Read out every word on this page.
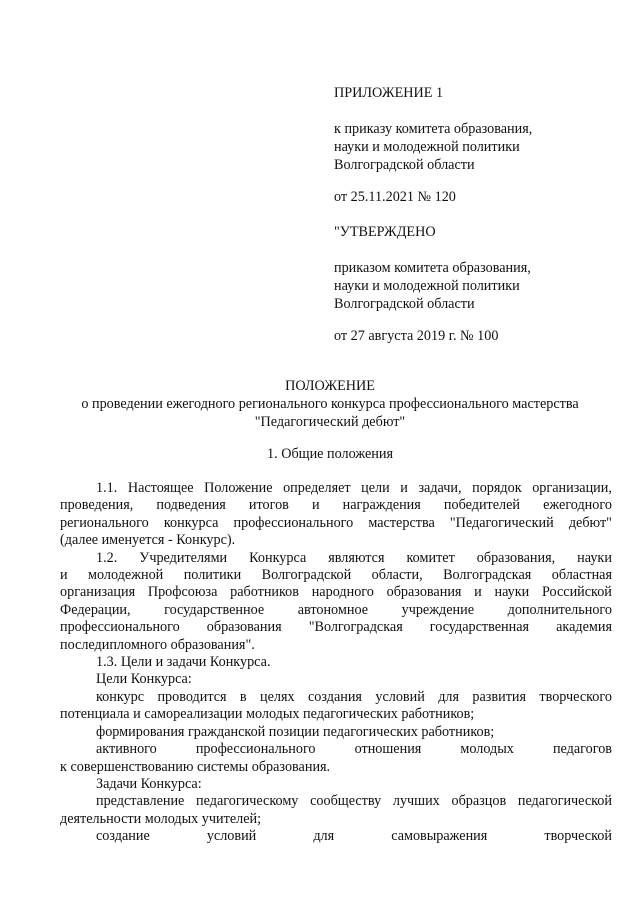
ПРИЛОЖЕНИЕ 1
к приказу комитета образования,
науки и молодежной политики
Волгоградской области
от 25.11.2021 № 120
"УТВЕРЖДЕНО
приказом комитета образования,
науки и молодежной политики
Волгоградской области
от 27 августа 2019 г. № 100
ПОЛОЖЕНИЕ
о проведении ежегодного регионального конкурса профессионального мастерства
"Педагогический дебют"
1. Общие положения
1.1. Настоящее Положение определяет цели и задачи, порядок организации,
проведения, подведения итогов и награждения победителей ежегодного
регионального конкурса профессионального мастерства "Педагогический дебют"
(далее именуется - Конкурс).
1.2. Учредителями Конкурса являются комитет образования, науки
и молодежной политики Волгоградской области, Волгоградская областная
организация Профсоюза работников народного образования и науки Российской
Федерации, государственное автономное учреждение дополнительного
профессионального образования "Волгоградская государственная академия
последипломного образования".
1.3. Цели и задачи Конкурса.
Цели Конкурса:
конкурс проводится в целях создания условий для развития творческого
потенциала и самореализации молодых педагогических работников;
формирования гражданской позиции педагогических работников;
активного	профессионального	отношения	молодых	педагогов
к совершенствованию системы образования.
Задачи Конкурса:
представление педагогическому сообществу лучших образцов педагогической
деятельности молодых учителей;
создание	условий	для	самовыражения	творческой
